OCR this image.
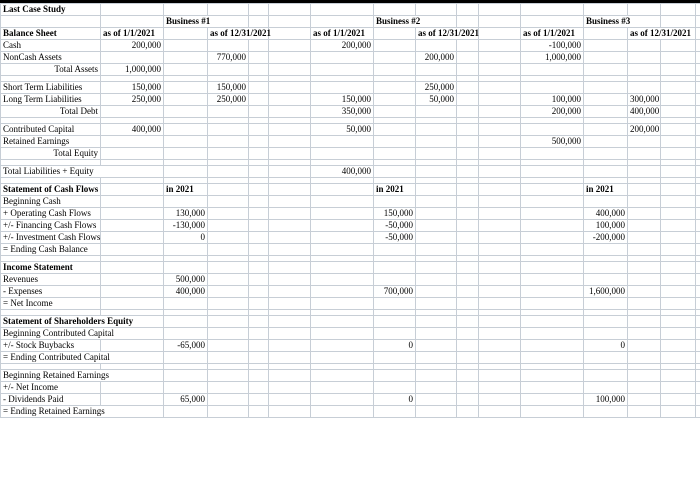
Last Case Study															
		Business #1					Business #2					Business #3			
Balance Sheet	as of 1/1/2021		as of 12/31/2021			as of 1/1/2021		as of 12/31/2021			as of 1/1/2021		as of 12/31/2021		
Cash	200,000					200,000					-100,000				
NonCash Assets			770,000					200,000			1,000,000				
Total Assets	1,000,000														

Short Term Liabilities	150,000		150,000					250,000							
Long Term Liabilities	250,000		250,000			150,000		50,000			100,000		300,000		
Total Debt						350,000					200,000		400,000		

Contributed Capital	400,000					50,000							200,000		
Retained Earnings											500,000				
Total Equity															

Total Liabilities + Equity						400,000									

Statement of Cash Flows		in 2021					in 2021					in 2021			
Beginning Cash															
+ Operating Cash Flows		130,000					150,000					400,000			
+/- Financing Cash Flows		-130,000					-50,000					100,000			
+/- Investment Cash Flows		0					-50,000					-200,000			
= Ending Cash Balance															

Income Statement															
Revenues		500,000													
- Expenses		400,000					700,000					1,600,000			
= Net Income															

Statement of Shareholders Equity															
Beginning Contributed Capital															
+/- Stock Buybacks		-65,000					0					0			
= Ending Contributed Capital															

Beginning Retained Earnings															
+/- Net Income															
- Dividends Paid		65,000					0					100,000			
= Ending Retained Earnings															
